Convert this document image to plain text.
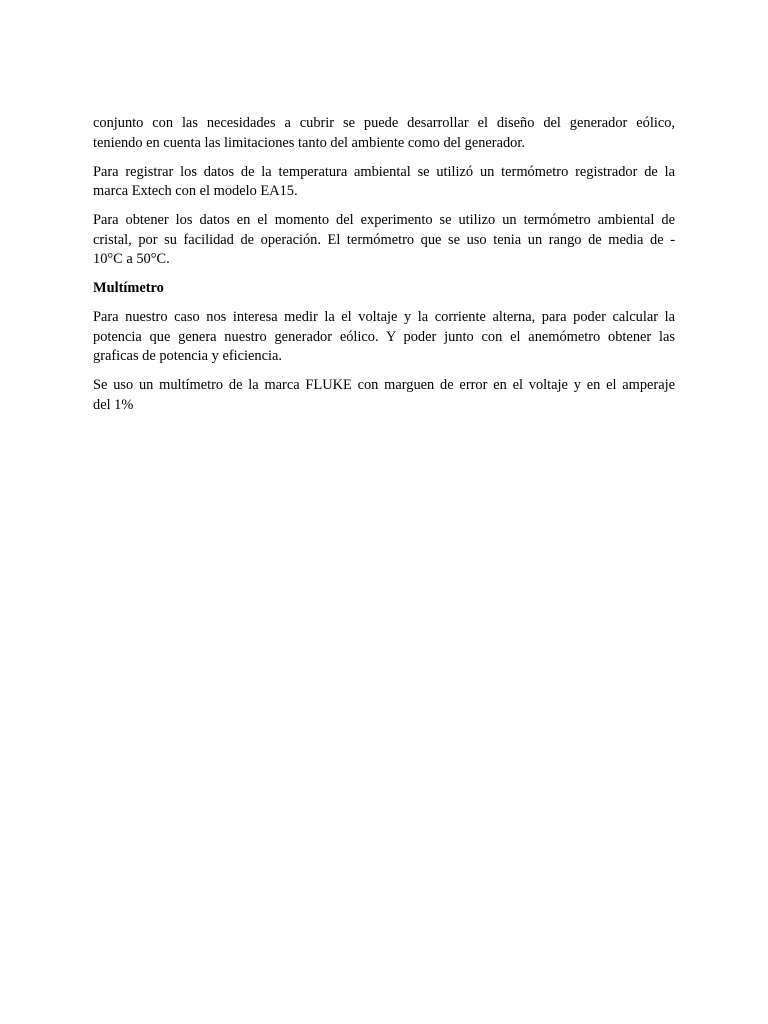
conjunto con las necesidades a cubrir se puede desarrollar el diseño del generador eólico,
teniendo en cuenta las limitaciones tanto del ambiente como del generador.

Para registrar los datos de la temperatura ambiental se utilizó un termómetro registrador de la
marca Extech con el modelo EA15.

Para obtener los datos en el momento del experimento se utilizo un termómetro ambiental de
cristal, por su facilidad de operación. El termómetro que se uso tenia un rango de media de -
10°C a 50°C.

Multímetro

Para nuestro caso nos interesa medir la el voltaje y la corriente alterna, para poder calcular la
potencia que genera nuestro generador eólico. Y poder junto con el anemómetro obtener las
graficas de potencia y eficiencia.

Se uso un multímetro de la marca FLUKE con marguen de error en el voltaje y en el amperaje
del 1%
